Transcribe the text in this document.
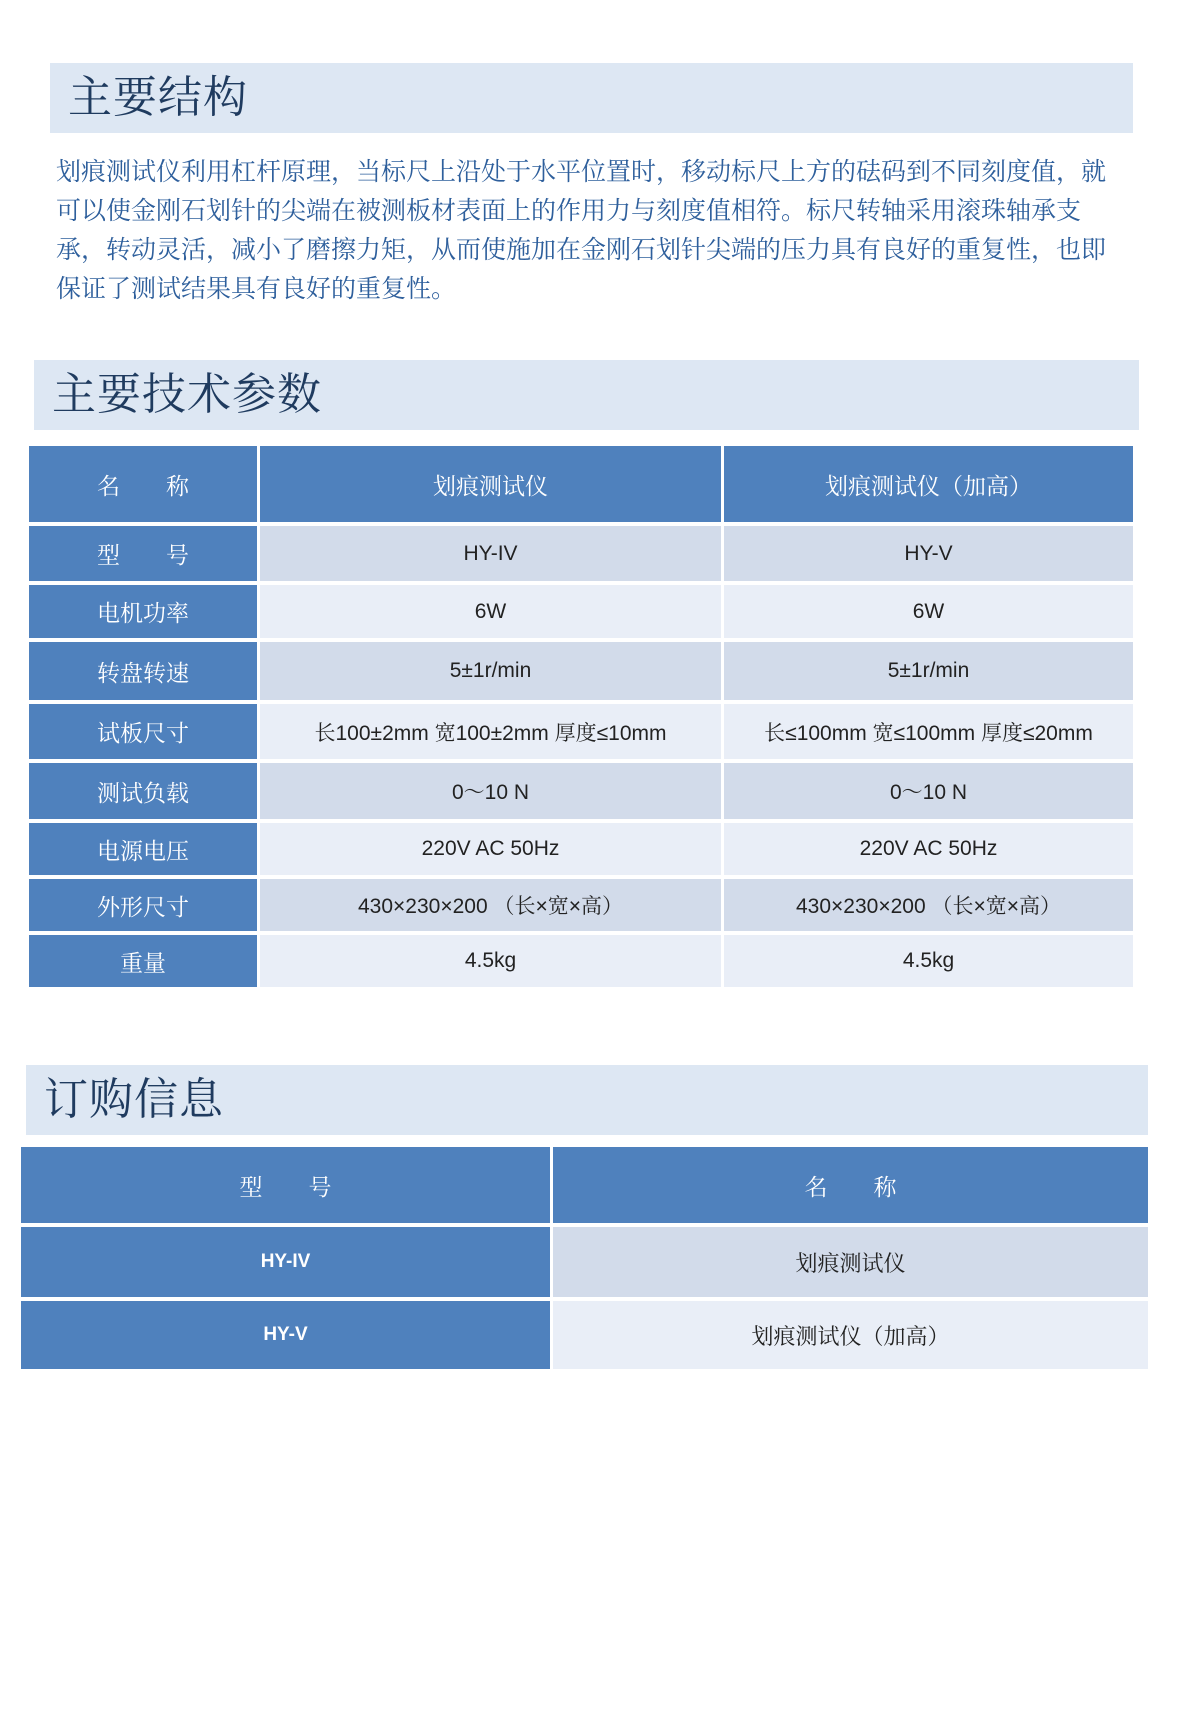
主要结构
划痕测试仪利用杠杆原理，当标尺上沿处于水平位置时，移动标尺上方的砝码到不同刻度值，就可以使金刚石划针的尖端在被测板材表面上的作用力与刻度值相符。标尺转轴采用滚珠轴承支承，转动灵活，减小了磨擦力矩，从而使施加在金刚石划针尖端的压力具有良好的重复性，也即保证了测试结果具有良好的重复性。
主要技术参数
名　　称	划痕测试仪	划痕测试仪（加高）
型　　号	HY-IV	HY-V
电机功率	6W	6W
转盘转速	5±1r/min	5±1r/min
试板尺寸	长100±2mm 宽100±2mm 厚度≤10mm	长≤100mm 宽≤100mm 厚度≤20mm
测试负载	0～10 N	0～10 N
电源电压	220V AC 50Hz	220V AC 50Hz
外形尺寸	430×230×200 （长×宽×高）	430×230×200 （长×宽×高）
重量	4.5kg	4.5kg
订购信息
型　　号	名　　称
HY-IV	划痕测试仪
HY-V	划痕测试仪（加高）
